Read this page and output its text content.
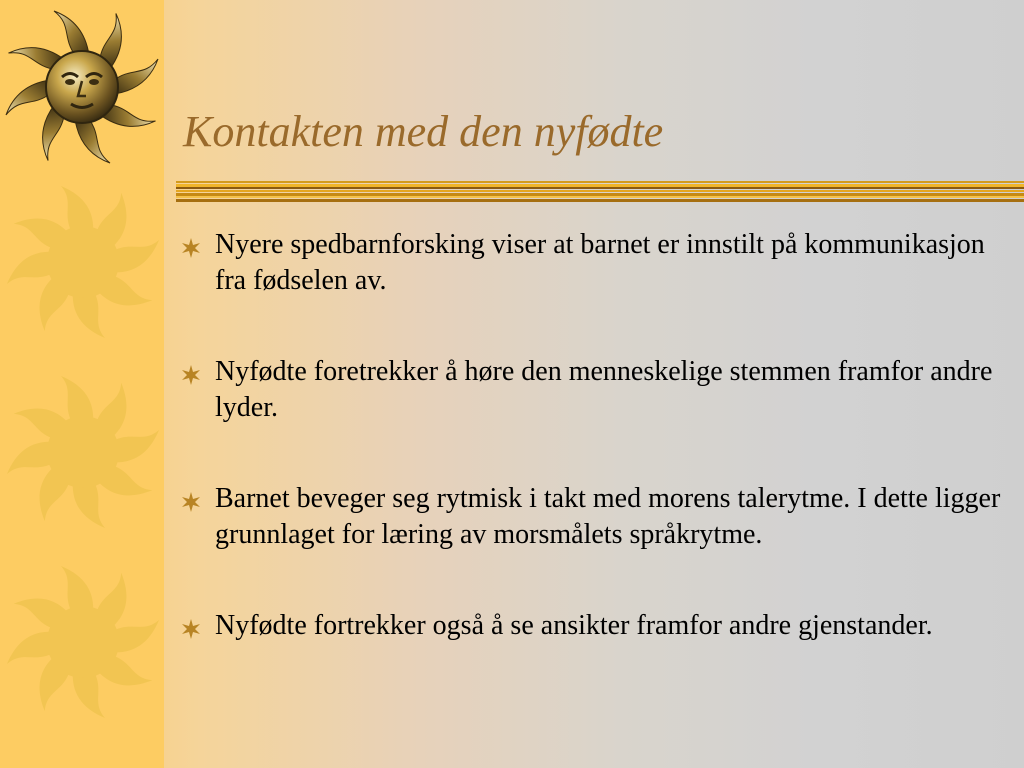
Kontakten med den nyfødte
Nyere spedbarnforsking viser at barnet er innstilt på kommunikasjon fra fødselen av.
Nyfødte foretrekker å høre den menneskelige stemmen framfor andre lyder.
Barnet beveger seg rytmisk i takt med morens talerytme. I dette ligger grunnlaget for læring av morsmålets språkrytme.
Nyfødte fortrekker også å se ansikter framfor andre gjenstander.
